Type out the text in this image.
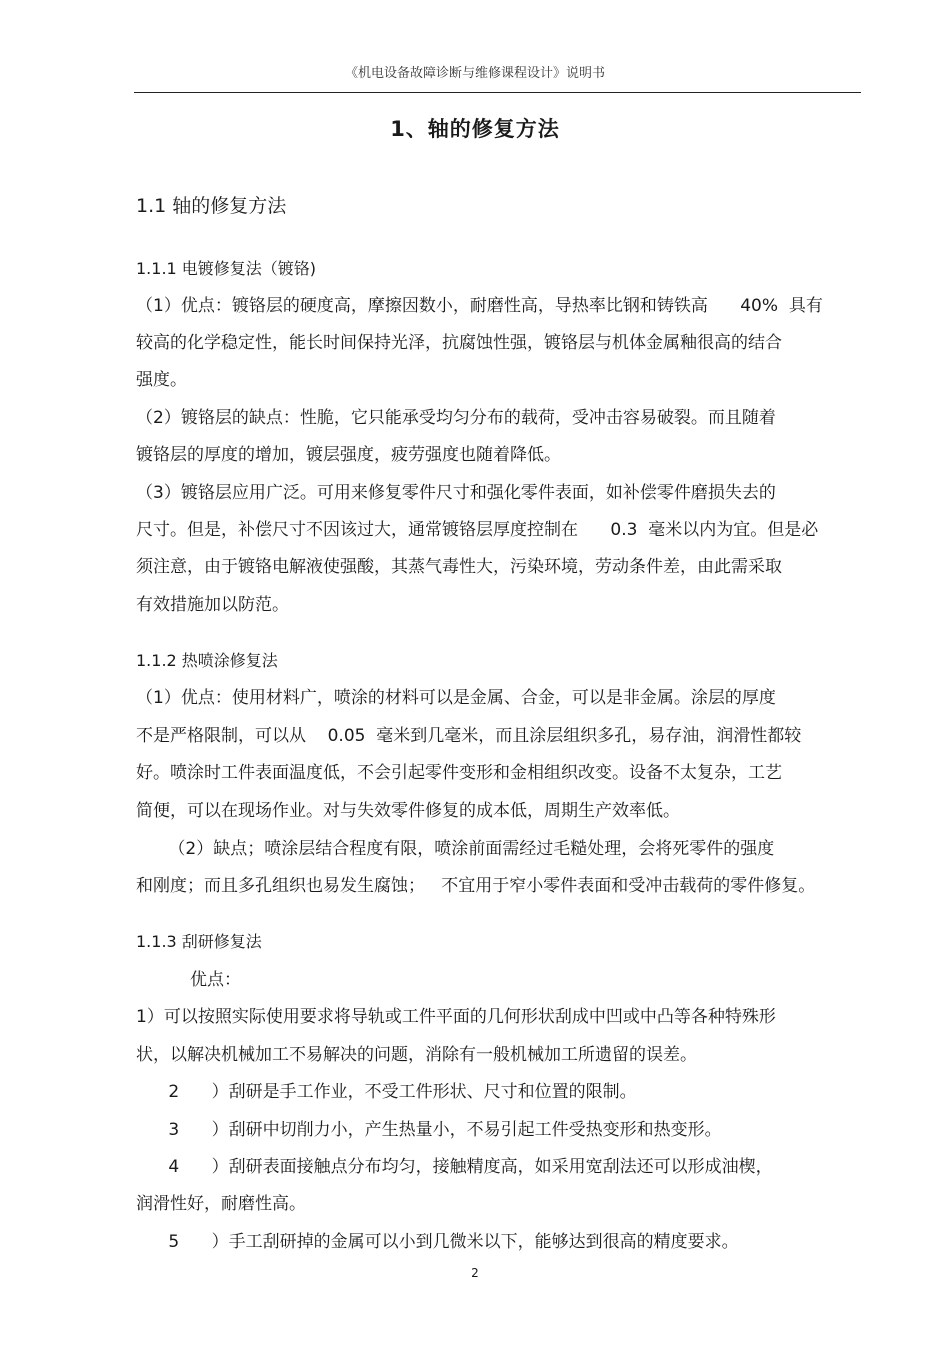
《机电设备故障诊断与维修课程设计》说明书
1、轴的修复方法
1.1 轴的修复方法
1.1.1 电镀修复法（镀铬)
（1）优点：镀铬层的硬度高，摩擦因数小，耐磨性高，导热率比钢和铸铁高      40%  具有
较高的化学稳定性，能长时间保持光泽，抗腐蚀性强，镀铬层与机体金属釉很高的结合
强度。
（2）镀铬层的缺点：性脆，它只能承受均匀分布的载荷，受冲击容易破裂。而且随着
镀铬层的厚度的增加，镀层强度，疲劳强度也随着降低。
（3）镀铬层应用广泛。可用来修复零件尺寸和强化零件表面，如补偿零件磨损失去的
尺寸。但是，补偿尺寸不因该过大，通常镀铬层厚度控制在      0.3  毫米以内为宜。但是必
须注意，由于镀铬电解液使强酸，其蒸气毒性大，污染环境，劳动条件差，由此需采取
有效措施加以防范。
1.1.2 热喷涂修复法
（1）优点：使用材料广，喷涂的材料可以是金属、合金，可以是非金属。涂层的厚度
不是严格限制，可以从    0.05  毫米到几毫米，而且涂层组织多孔，易存油，润滑性都较
好。喷涂时工件表面温度低，不会引起零件变形和金相组织改变。设备不太复杂，工艺
简便，可以在现场作业。对与失效零件修复的成本低，周期生产效率低。
（2）缺点；喷涂层结合程度有限，喷涂前面需经过毛糙处理，会将死零件的强度
和刚度；而且多孔组织也易发生腐蚀；   不宜用于窄小零件表面和受冲击载荷的零件修复。
1.1.3 刮研修复法
优点：
1）可以按照实际使用要求将导轨或工件平面的几何形状刮成中凹或中凸等各种特殊形
状，以解决机械加工不易解决的问题，消除有一般机械加工所遗留的误差。
2      ）刮研是手工作业，不受工件形状、尺寸和位置的限制。
3      ）刮研中切削力小，产生热量小，不易引起工件受热变形和热变形。
4      ）刮研表面接触点分布均匀，接触精度高，如采用宽刮法还可以形成油楔，
润滑性好，耐磨性高。
5      ）手工刮研掉的金属可以小到几微米以下，能够达到很高的精度要求。
2
